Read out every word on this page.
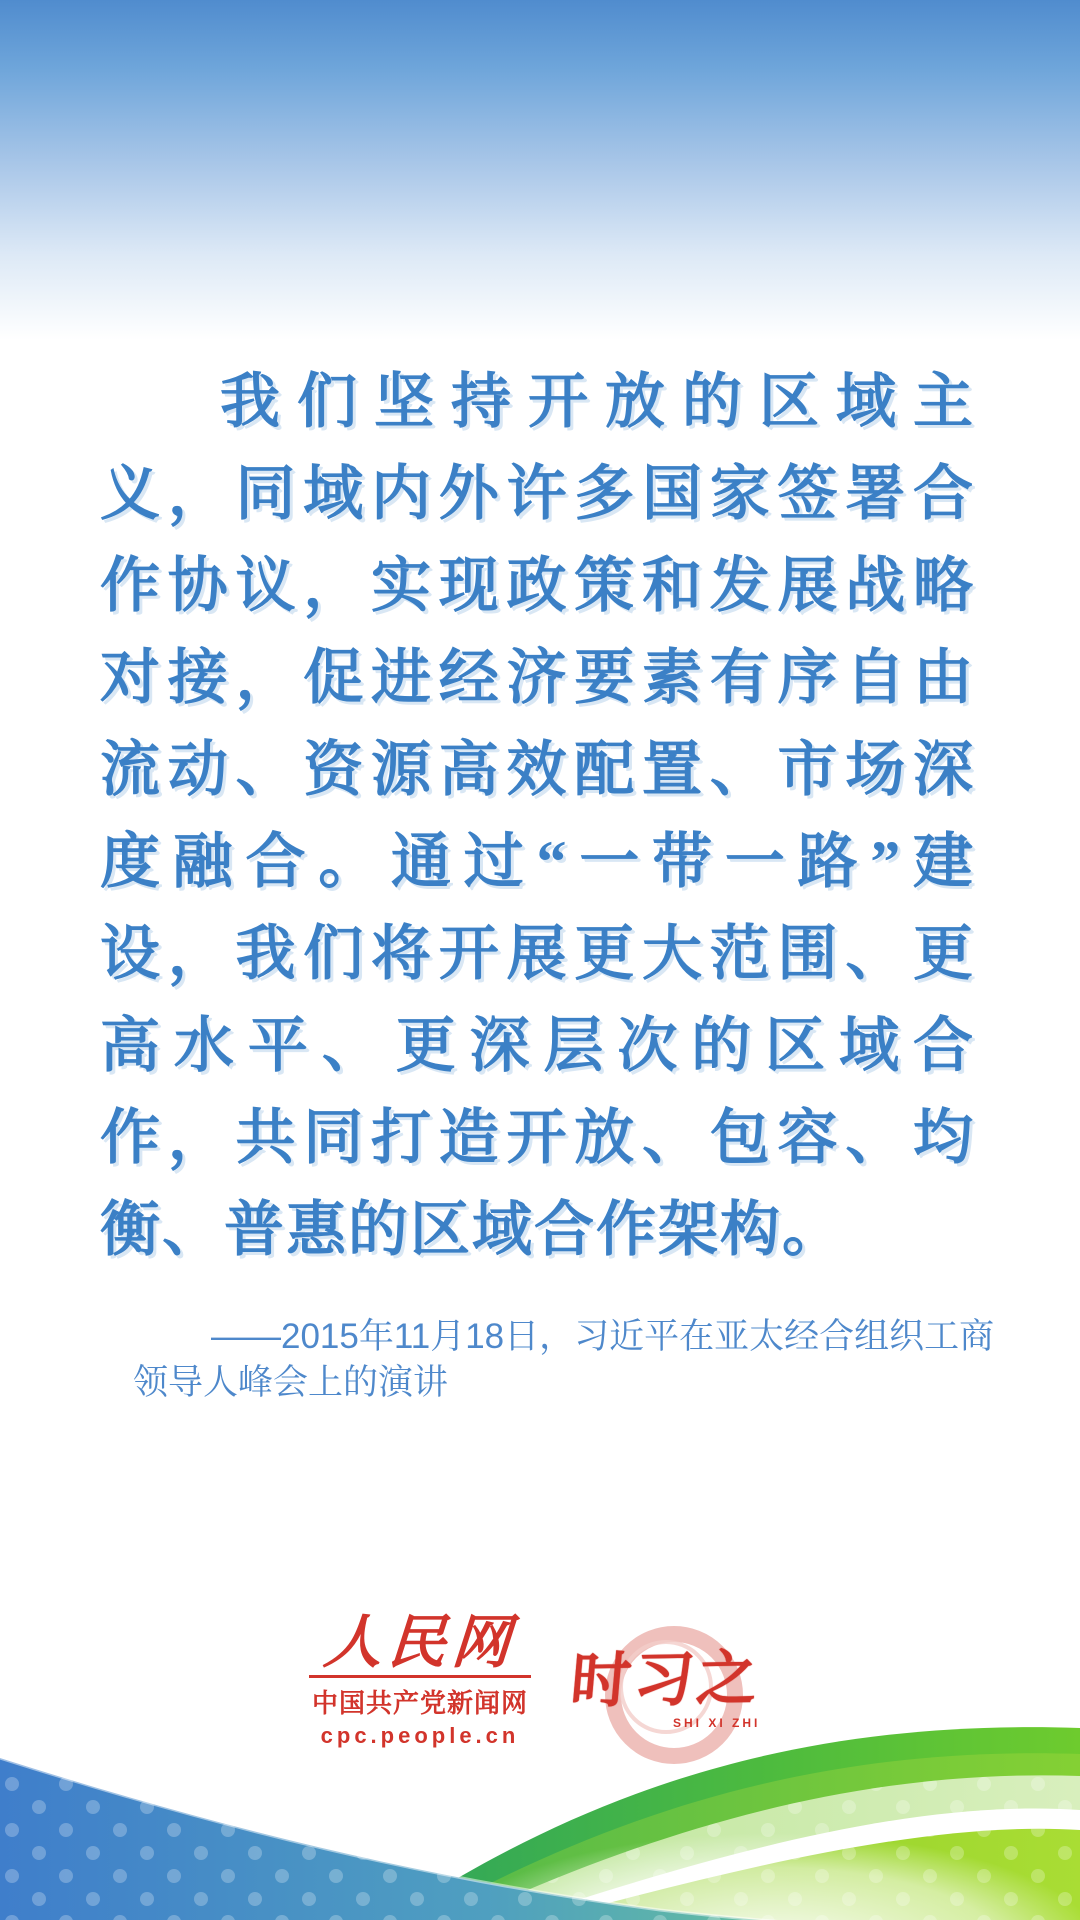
我们坚持开放的区域主
义，同域内外许多国家签署合
作协议，实现政策和发展战略
对接，促进经济要素有序自由
流动、资源高效配置、市场深
度融合。通过“一带一路”建
设，我们将开展更大范围、更
高水平、更深层次的区域合
作，共同打造开放、包容、均
衡、普惠的区域合作架构。
——2015年11月18日，习近平在亚太经合组织工商
领导人峰会上的演讲
人民网
中国共产党新闻网
cpc.people.cn
时习之
SHI XI ZHI
